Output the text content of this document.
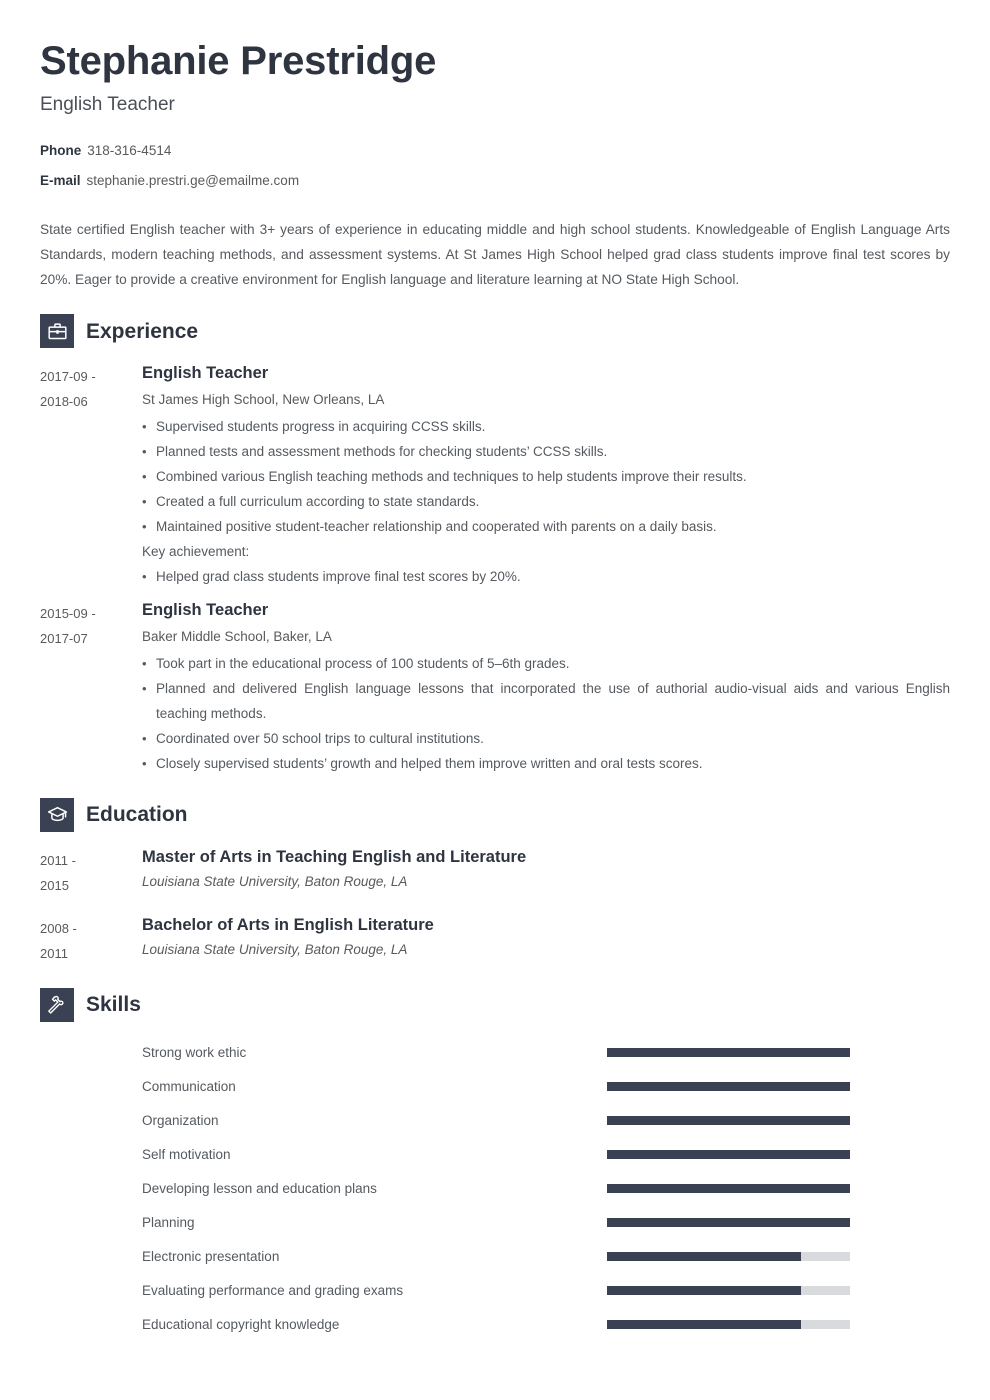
Stephanie Prestridge
English Teacher
Phone 318-316-4514
E-mail stephanie.prestri.ge@emailme.com

State certified English teacher with 3+ years of experience in educating middle and high school students. Knowledgeable of English Language Arts Standards, modern teaching methods, and assessment systems. At St James High School helped grad class students improve final test scores by 20%. Eager to provide a creative environment for English language and literature learning at NO State High School.

Experience
2017-09 -
2018-06
English Teacher
St James High School, New Orleans, LA
• Supervised students progress in acquiring CCSS skills.
• Planned tests and assessment methods for checking students’ CCSS skills.
• Combined various English teaching methods and techniques to help students improve their results.
• Created a full curriculum according to state standards.
• Maintained positive student-teacher relationship and cooperated with parents on a daily basis.
Key achievement:
• Helped grad class students improve final test scores by 20%.
2015-09 -
2017-07
English Teacher
Baker Middle School, Baker, LA
• Took part in the educational process of 100 students of 5–6th grades.
• Planned and delivered English language lessons that incorporated the use of authorial audio-visual aids and various English teaching methods.
• Coordinated over 50 school trips to cultural institutions.
• Closely supervised students’ growth and helped them improve written and oral tests scores.
Education
2011 -
2015
Master of Arts in Teaching English and Literature
Louisiana State University, Baton Rouge, LA
2008 -
2011
Bachelor of Arts in English Literature
Louisiana State University, Baton Rouge, LA
Skills
Strong work ethic
Communication
Organization
Self motivation
Developing lesson and education plans
Planning
Electronic presentation
Evaluating performance and grading exams
Educational copyright knowledge
